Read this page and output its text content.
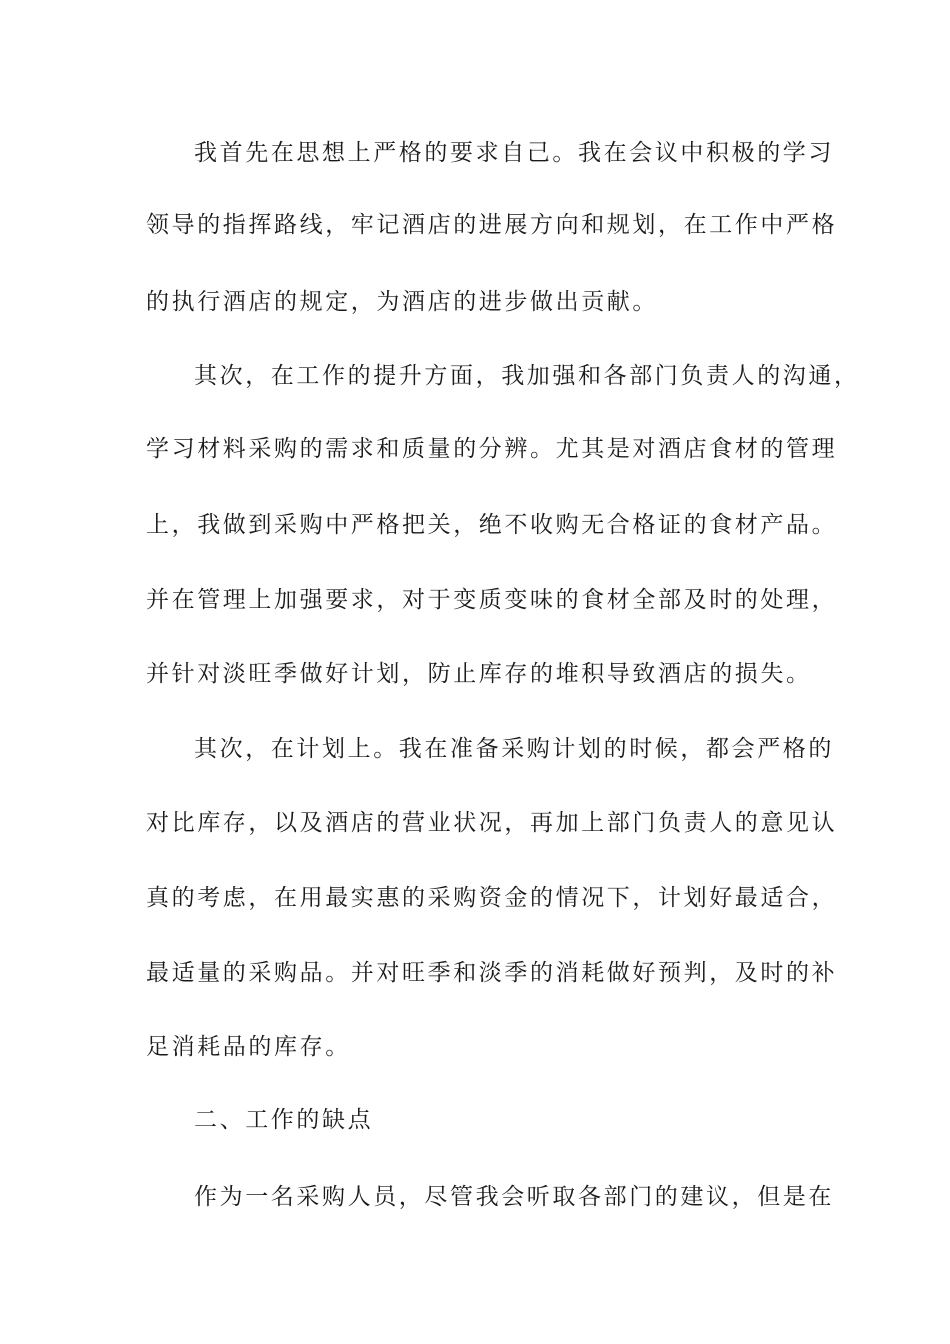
我首先在思想上严格的要求自己。我在会议中积极的学习
领导的指挥路线，牢记酒店的进展方向和规划，在工作中严格
的执行酒店的规定，为酒店的进步做出贡献。
其次，在工作的提升方面，我加强和各部门负责人的沟通，
学习材料采购的需求和质量的分辨。尤其是对酒店食材的管理
上，我做到采购中严格把关，绝不收购无合格证的食材产品。
并在管理上加强要求，对于变质变味的食材全部及时的处理，
并针对淡旺季做好计划，防止库存的堆积导致酒店的损失。
其次，在计划上。我在准备采购计划的时候，都会严格的
对比库存，以及酒店的营业状况，再加上部门负责人的意见认
真的考虑，在用最实惠的采购资金的情况下，计划好最适合，
最适量的采购品。并对旺季和淡季的消耗做好预判，及时的补
足消耗品的库存。
二、工作的缺点
作为一名采购人员，尽管我会听取各部门的建议，但是在
